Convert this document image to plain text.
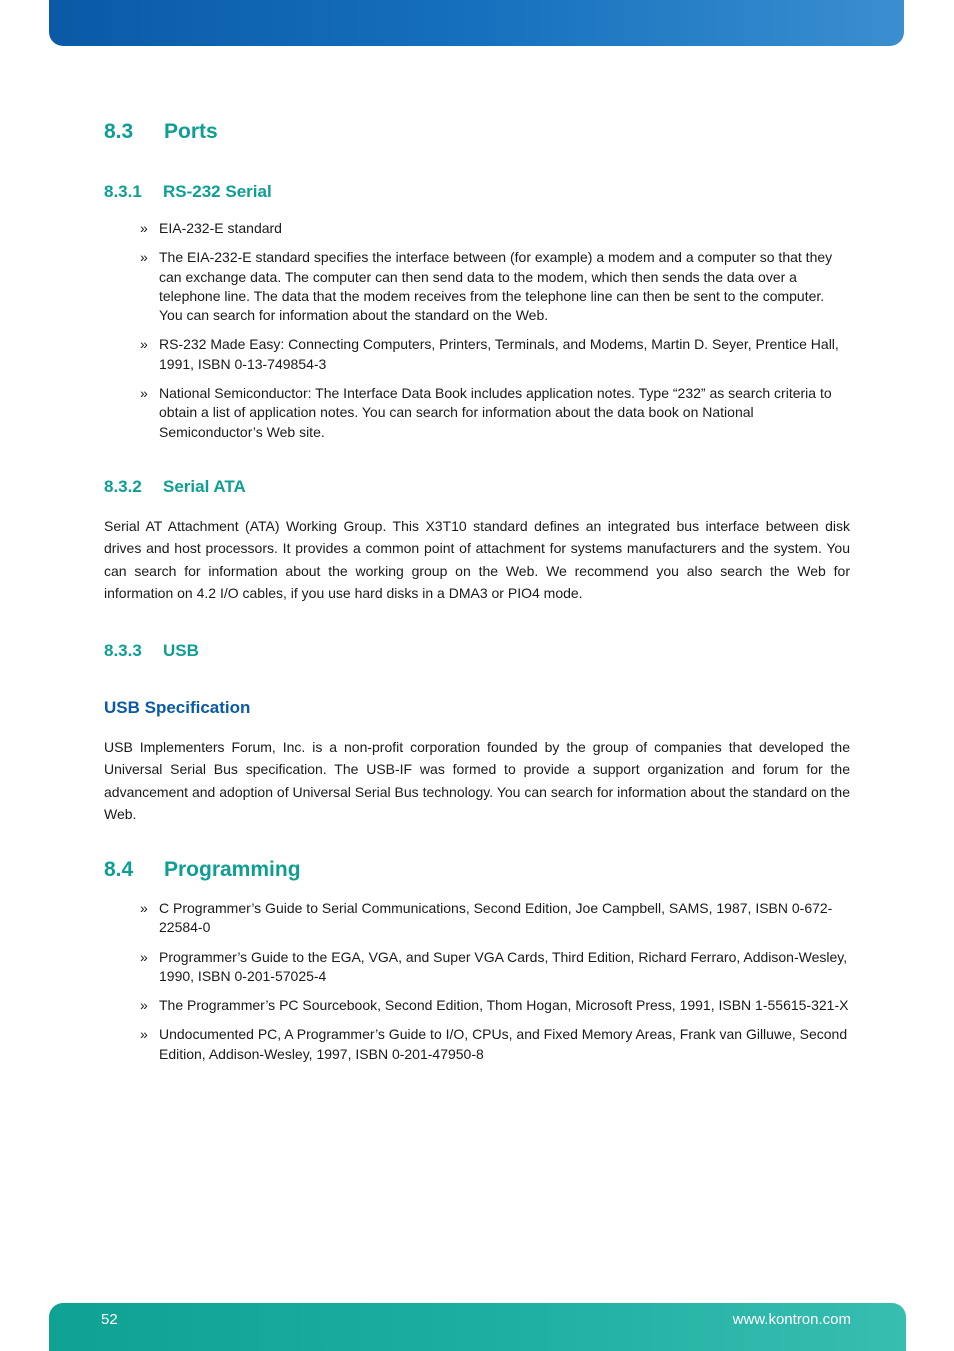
8.3 Ports
8.3.1 RS-232 Serial
» EIA-232-E standard
» The EIA-232-E standard specifies the interface between (for example) a modem and a computer so that they can exchange data. The computer can then send data to the modem, which then sends the data over a telephone line. The data that the modem receives from the telephone line can then be sent to the computer. You can search for information about the standard on the Web.
» RS-232 Made Easy: Connecting Computers, Printers, Terminals, and Modems, Martin D. Seyer, Prentice Hall, 1991, ISBN 0-13-749854-3
» National Semiconductor: The Interface Data Book includes application notes. Type “232” as search criteria to obtain a list of application notes. You can search for information about the data book on National Semiconductor’s Web site.
8.3.2 Serial ATA

Serial AT Attachment (ATA) Working Group. This X3T10 standard defines an integrated bus interface between disk drives and host processors. It provides a common point of attachment for systems manufacturers and the system. You can search for information about the working group on the Web. We recommend you also search the Web for information on 4.2 I/O cables, if you use hard disks in a DMA3 or PIO4 mode.

8.3.3 USB
USB Specification

USB Implementers Forum, Inc. is a non-profit corporation founded by the group of companies that developed the Universal Serial Bus specification. The USB-IF was formed to provide a support organization and forum for the advancement and adoption of Universal Serial Bus technology. You can search for information about the standard on the Web.

8.4 Programming
» C Programmer’s Guide to Serial Communications, Second Edition, Joe Campbell, SAMS, 1987, ISBN 0-672-22584-0
» Programmer’s Guide to the EGA, VGA, and Super VGA Cards, Third Edition, Richard Ferraro, Addison-Wesley, 1990, ISBN 0-201-57025-4
» The Programmer’s PC Sourcebook, Second Edition, Thom Hogan, Microsoft Press, 1991, ISBN 1-55615-321-X
» Undocumented PC, A Programmer’s Guide to I/O, CPUs, and Fixed Memory Areas, Frank van Gilluwe, Second Edition, Addison-Wesley, 1997, ISBN 0-201-47950-8
52	www.kontron.com
